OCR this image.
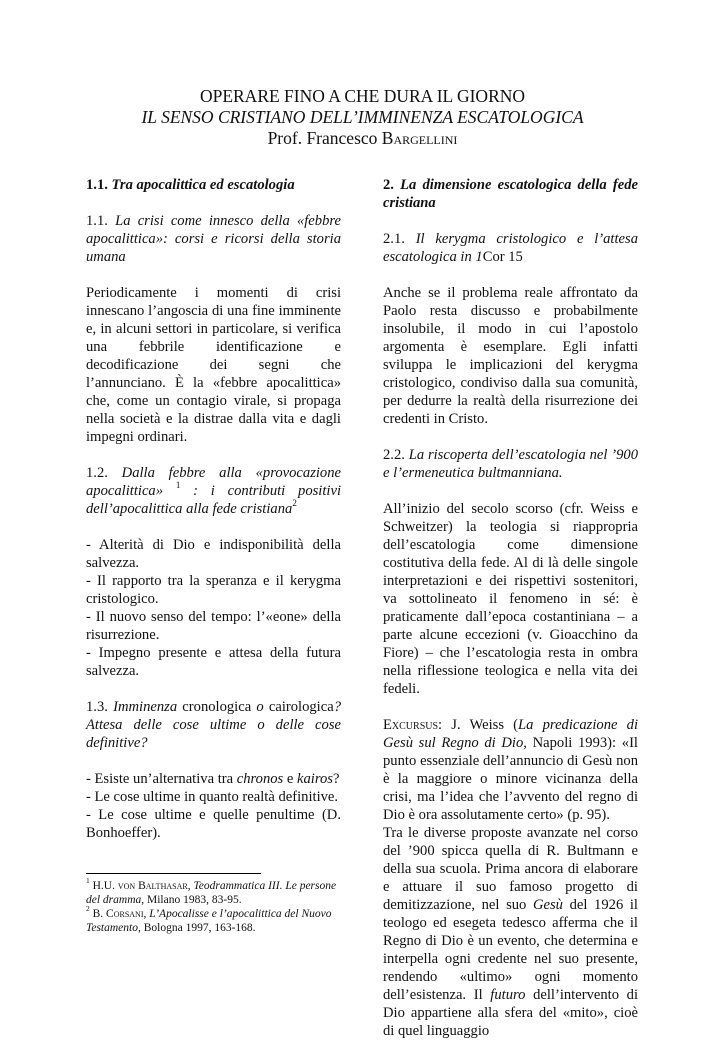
OPERARE FINO A CHE DURA IL GIORNO
IL SENSO CRISTIANO DELL’IMMINENZA ESCATOLOGICA
Prof. Francesco Bargellini

1.1. Tra apocalittica ed escatologia

1.1. La crisi come innesco della «febbre apocalittica»: corsi e ricorsi della storia umana

Periodicamente i momenti di crisi innescano l’angoscia di una fine imminente e, in alcuni settori in particolare, si verifica una febbrile identificazione e decodificazione dei segni che l’annunciano. È la «febbre apocalittica» che, come un contagio virale, si propaga nella società e la distrae dalla vita e dagli impegni ordinari.

1.2. Dalla febbre alla «provocazione apocalittica» $^1$ : i contributi positivi dell’apocalittica alla fede cristiana$^2$

- Alterità di Dio e indisponibilità della salvezza.

- Il rapporto tra la speranza e il kerygma cristologico.

- Il nuovo senso del tempo: l’«eone» della risurrezione.

- Impegno presente e attesa della futura salvezza.

1.3. Imminenza cronologica o cairologica? Attesa delle cose ultime o delle cose definitive?

- Esiste un’alternativa tra chronos e kairos?

- Le cose ultime in quanto realtà definitive.

- Le cose ultime e quelle penultime (D. Bonhoeffer).

2. La dimensione escatologica della fede cristiana

2.1. Il kerygma cristologico e l’attesa escatologica in 1Cor 15

Anche se il problema reale affrontato da Paolo resta discusso e probabilmente insolubile, il modo in cui l’apostolo argomenta è esemplare. Egli infatti sviluppa le implicazioni del kerygma cristologico, condiviso dalla sua comunità, per dedurre la realtà della risurrezione dei credenti in Cristo.

2.2. La riscoperta dell’escatologia nel ’900 e l’ermeneutica bultmanniana.

All’inizio del secolo scorso (cfr. Weiss e Schweitzer) la teologia si riappropria dell’escatologia come dimensione costitutiva della fede. Al di là delle singole interpretazioni e dei rispettivi sostenitori, va sottolineato il fenomeno in sé: è praticamente dall’epoca costantiniana – a parte alcune eccezioni (v. Gioacchino da Fiore) – che l’escatologia resta in ombra nella riflessione teologica e nella vita dei fedeli.

Excursus: J. Weiss (La predicazione di Gesù sul Regno di Dio, Napoli 1993): «Il punto essenziale dell’annuncio di Gesù non è la maggiore o minore vicinanza della crisi, ma l’idea che l’avvento del regno di Dio è ora assolutamente certo» (p. 95).

Tra le diverse proposte avanzate nel corso del ’900 spicca quella di R. Bultmann e della sua scuola. Prima ancora di elaborare e attuare il suo famoso progetto di demitizzazione, nel suo Gesù del 1926 il teologo ed esegeta tedesco afferma che il Regno di Dio è un evento, che determina e interpella ogni credente nel suo presente, rendendo «ultimo» ogni momento dell’esistenza. Il futuro dell’intervento di Dio appartiene alla sfera del «mito», cioè di quel linguaggio

$^1$ H.U. von Balthasar, Teodrammatica III. Le persone del dramma, Milano 1983, 83-95.

$^2$ B. Corsani, L’Apocalisse e l’apocalittica del Nuovo Testamento, Bologna 1997, 163-168.
